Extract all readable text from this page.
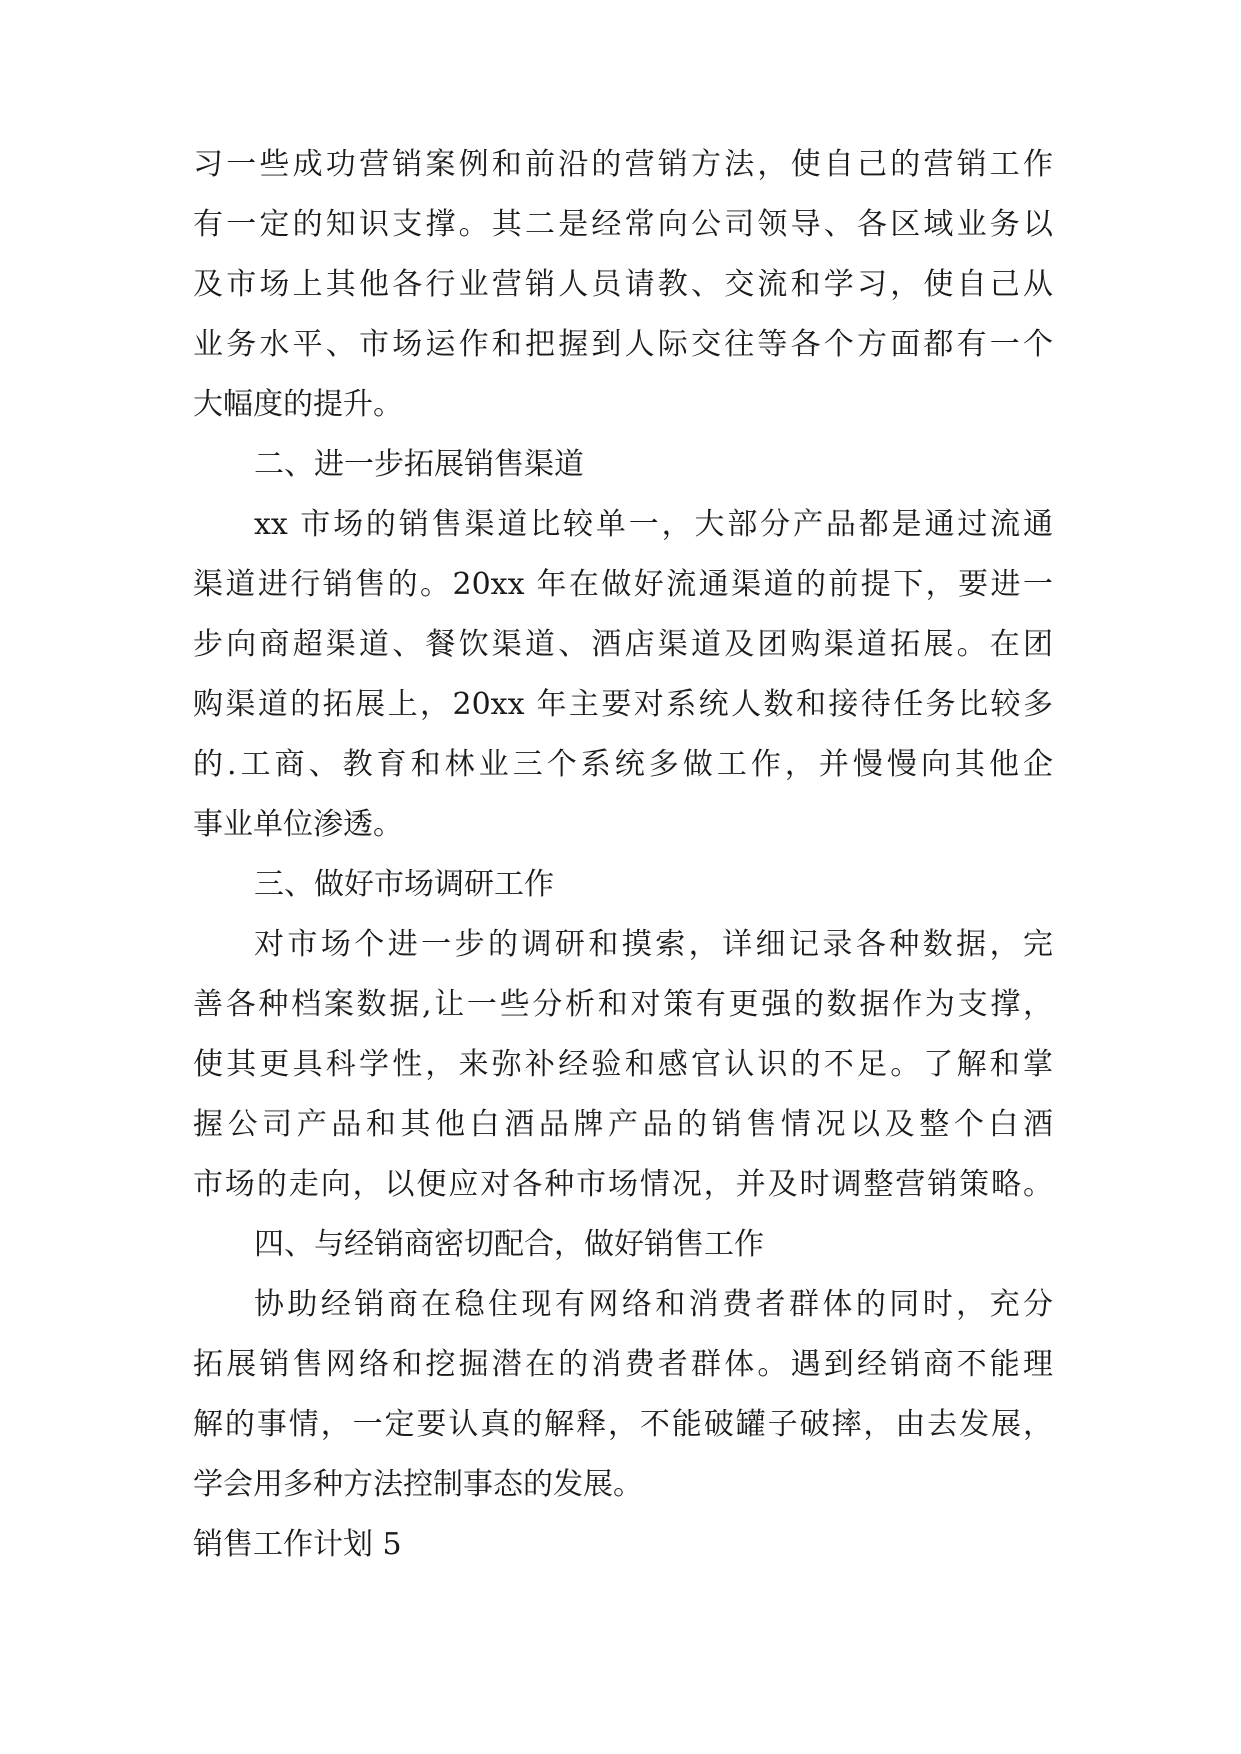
习一些成功营销案例和前沿的营销方法，使自己的营销工作
有一定的知识支撑。其二是经常向公司领导、各区域业务以
及市场上其他各行业营销人员请教、交流和学习，使自己从
业务水平、市场运作和把握到人际交往等各个方面都有一个
大幅度的提升。
二、进一步拓展销售渠道
xx 市场的销售渠道比较单一，大部分产品都是通过流通
渠道进行销售的。20xx 年在做好流通渠道的前提下，要进一
步向商超渠道、餐饮渠道、酒店渠道及团购渠道拓展。在团
购渠道的拓展上，20xx 年主要对系统人数和接待任务比较多
的.工商、教育和林业三个系统多做工作，并慢慢向其他企
事业单位渗透。
三、做好市场调研工作
对市场个进一步的调研和摸索，详细记录各种数据，完
善各种档案数据,让一些分析和对策有更强的数据作为支撑，
使其更具科学性，来弥补经验和感官认识的不足。了解和掌
握公司产品和其他白酒品牌产品的销售情况以及整个白酒
市场的走向，以便应对各种市场情况，并及时调整营销策略。
四、与经销商密切配合，做好销售工作
协助经销商在稳住现有网络和消费者群体的同时，充分
拓展销售网络和挖掘潜在的消费者群体。遇到经销商不能理
解的事情，一定要认真的解释，不能破罐子破摔，由去发展，
学会用多种方法控制事态的发展。
销售工作计划 5
